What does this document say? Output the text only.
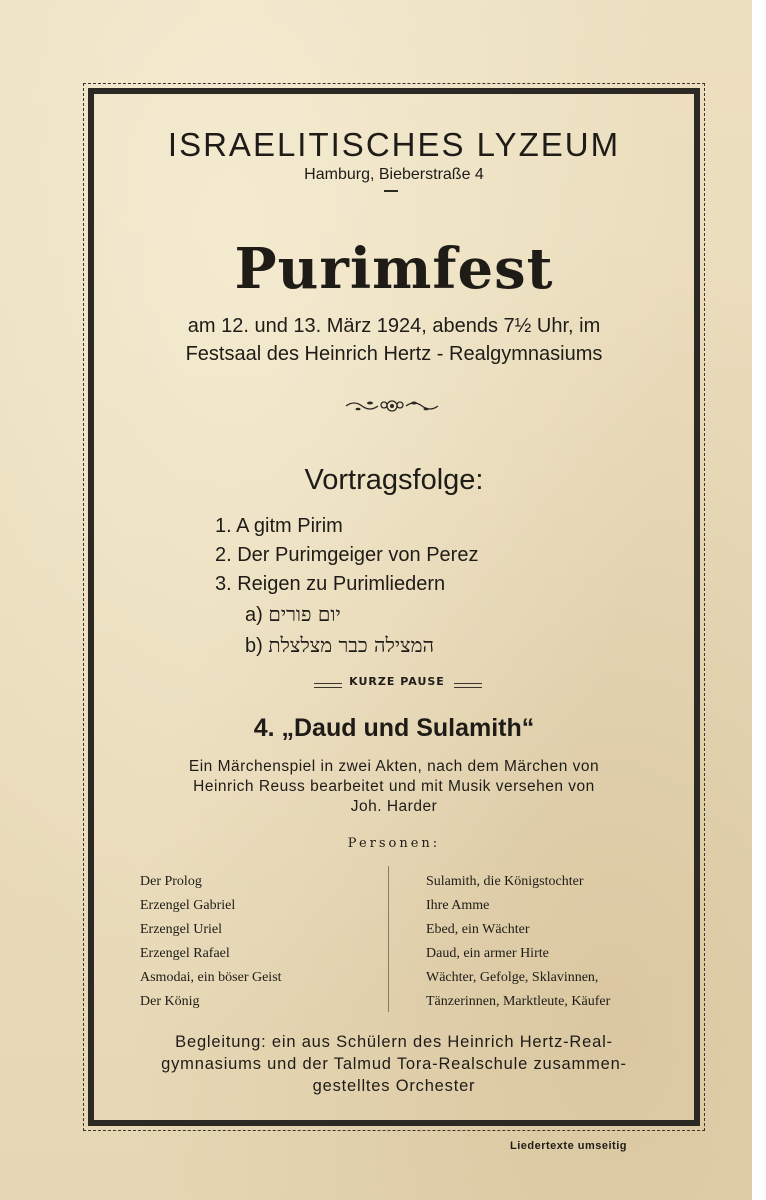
ISRAELITISCHES LYZEUM
Hamburg, Bieberstraße 4
Purimfest
am 12. und 13. März 1924, abends 7½ Uhr, im
Festsaal des Heinrich Hertz - Realgymnasiums
Vortragsfolge:
1. A gitm Pirim
2. Der Purimgeiger von Perez
3. Reigen zu Purimliedern
a) יום פורים
b) המצילה כבר מצלצלת
KURZE PAUSE
4. „Daud und Sulamith“
Ein Märchenspiel in zwei Akten, nach dem Märchen von
Heinrich Reuss bearbeitet und mit Musik versehen von
Joh. Harder
Personen:
Der Prolog
Erzengel Gabriel
Erzengel Uriel
Erzengel Rafael
Asmodai, ein böser Geist
Der König
Sulamith, die Königstochter
Ihre Amme
Ebed, ein Wächter
Daud, ein armer Hirte
Wächter, Gefolge, Sklavinnen,
Tänzerinnen, Marktleute, Käufer
Begleitung: ein aus Schülern des Heinrich Hertz-Real-
gymnasiums und der Talmud Tora-Realschule zusammen-
gestelltes Orchester
Liedertexte umseitig
